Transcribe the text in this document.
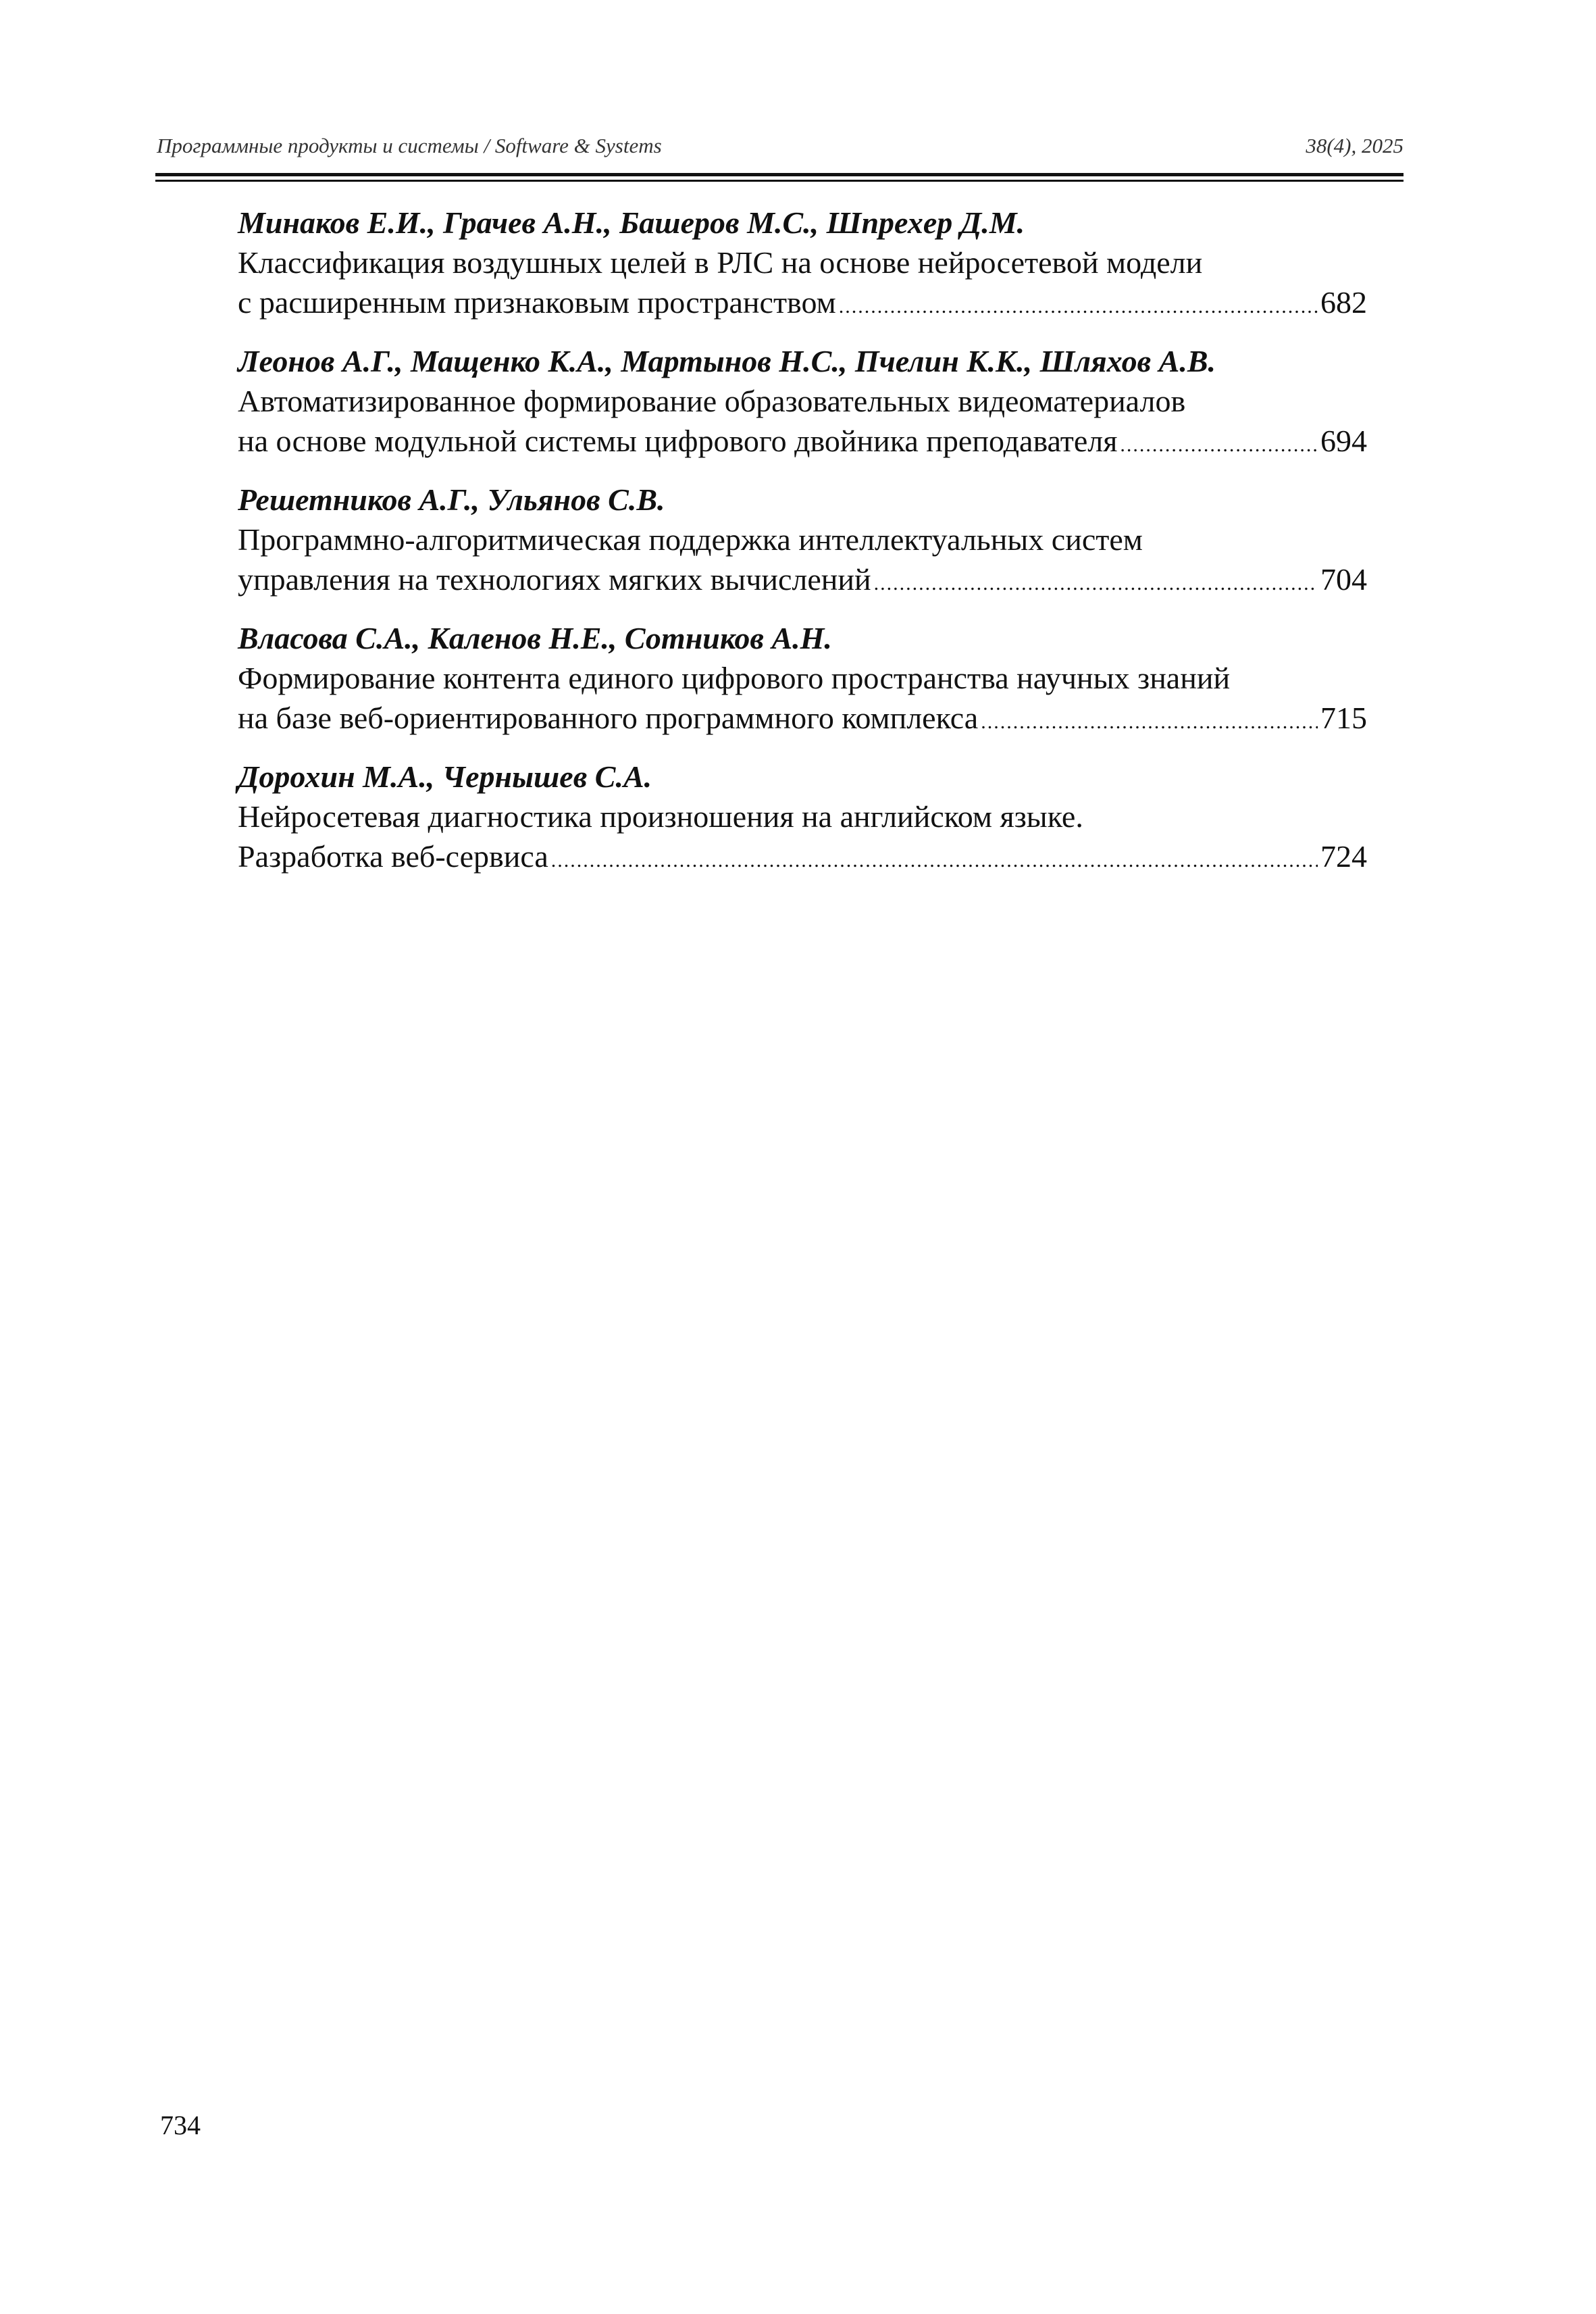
Программные продукты и системы / Software & Systems	38(4), 2025
Минаков Е.И., Грачев А.Н., Башеров М.С., Шпрехер Д.М.
Классификация воздушных целей в РЛС на основе нейросетевой модели
с расширенным признаковым пространством .....	682
Леонов А.Г., Мащенко К.А., Мартынов Н.С., Пчелин К.К., Шляхов А.В.
Автоматизированное формирование образовательных видеоматериалов
на основе модульной системы цифрового двойника преподавателя .....	694
Решетников А.Г., Ульянов С.В.
Программно-алгоритмическая поддержка интеллектуальных систем
управления на технологиях мягких вычислений .....	704
Власова С.А., Каленов Н.Е., Сотников А.Н.
Формирование контента единого цифрового пространства научных знаний
на базе веб-ориентированного программного комплекса .....	715
Дорохин М.А., Чернышев С.А.
Нейросетевая диагностика произношения на английском языке.
Разработка веб-сервиса .....	724
734
